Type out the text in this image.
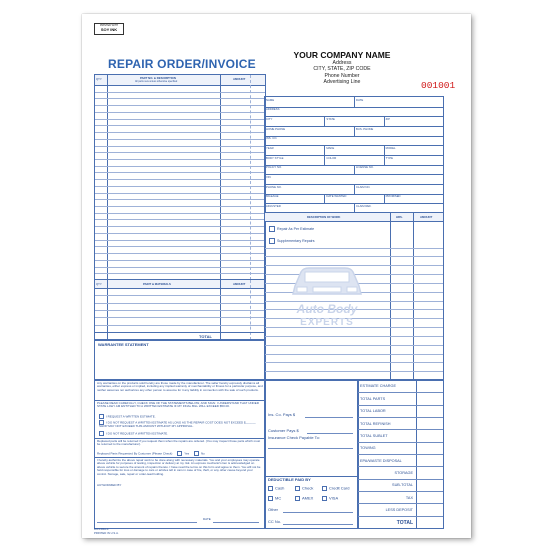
PRINTED WITH
SOY INK
REPAIR ORDER/INVOICE
YOUR COMPANY NAME
Address
CITY, STATE, ZIP CODE
Phone Number
Advertising Line	001001
QTY.	PART NO. & DESCRIPTION
All parts new unless otherwise specified
AMOUNT
QTY.	PAINT & MATERIALS	AMOUNT
TOTAL
WARRANTEE STATEMENT
NAME	DATE
ADDRESS
CITY	STATE	ZIP
HOME PHONE	BUS. PHONE
INS. CO.
YEAR	MAKE	MODEL
BODY STYLE	COLOR	TYPE
POLICY NO.	LICENSE NO.
VIN
PHONE NO.	CLAIM NO.
MILEAGE	DATE WANTED	PROMISED
ADJUSTER	CLAIM REF.
DESCRIPTION OF WORK	HRS.	AMOUNT
Repair As Per Estimate
Supplementary Repairs
Auto Body
EXPERTS
Any warranties on the products sold hereby are those made by the manufacturer. The seller hereby expressly disclaims all warranties, either express or implied, including any implied warranty of merchantability or fitness for a particular purpose, and neither assumes nor authorizes any other person to assume for it any liability in connection with the sale of such products.
PLEASE READ CAREFULLY, CHECK ONE OF THE STATEMENTS BELOW, AND SIGN: I UNDERSTAND THAT UNDER STATE LAW I AM ENTITLED TO A WRITTEN ESTIMATE IF MY FINAL BILL WILL EXCEED $50.00.
I REQUEST A WRITTEN ESTIMATE.
I DO NOT REQUEST A WRITTEN ESTIMATE AS LONG AS THE REPAIR COST DOES NOT EXCEED $______ SHOP MAY NOT EXCEED THIS AMOUNT WITHOUT MY APPROVAL.
I DO NOT REQUEST A WRITTEN ESTIMATE.
Replaced parts will be returned if you request them when the repairs are ordered. (You may inspect those parts which must be returned to the manufacturer).
Replaced Parts Requested By Customer (Please Check)	Yes	No
I hereby authorize the above repair work to be done along with necessary materials. You and your employees may operate above vehicle for purposes of testing, inspection or delivery at my risk. An express mechanic's lien is acknowledged on above vehicle to secure the amount of repairs thereto. I have read the terms on this form and agree to them. You will not be held responsible for loss or damage to cars or articles left in cars in case of fire, theft, or any other cause beyond your control. Storage, sale, repair or order-lead holding.
AUTHORIZED BY
DATE
Ins. Co. Pays $
Customer Pays $
Insurance Check Payable To:
DEDUCTIBLE PAID BY
Cash	Check	Credit Card
MC	AMEX	VISA
Other
CC No.
ESTIMATE CHARGE
TOTAL PARTS
TOTAL LABOR
TOTAL REFINISH
TOTAL SUBLET
TOWING
EPA/WASTE DISPOSAL
STORAGE
SUB-TOTAL
TAX
LESS DEPOSIT
TOTAL
RO3-5BA-4
PRINTED IN U.S.A.
